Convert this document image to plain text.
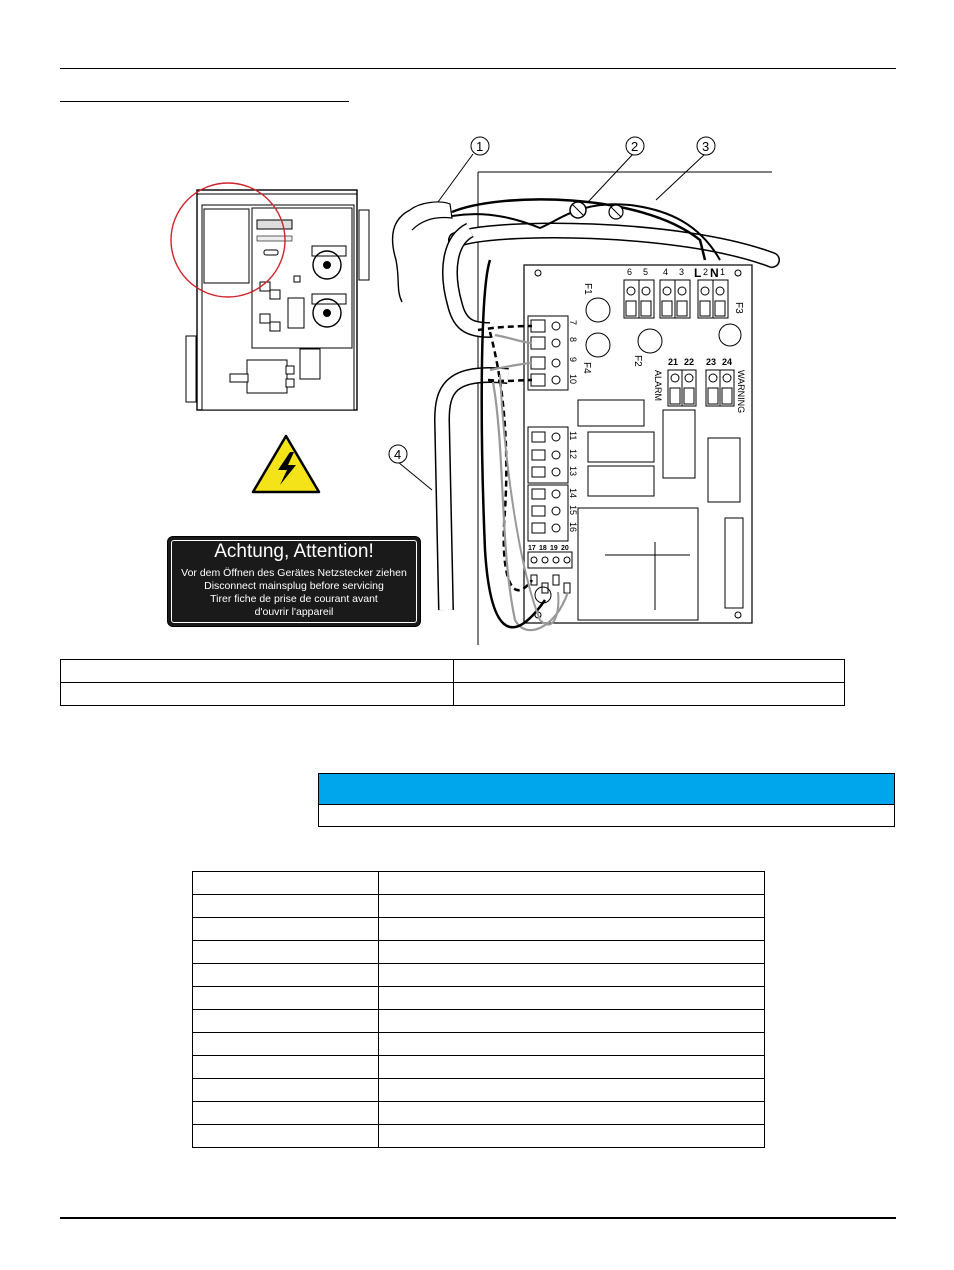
6 5 4 3 L 2 N 1
F1
F2
F3
F4
7
8
9
10
21 22 23 24
ALARM	WARNING
11
12
13
14
15
16
17 18 19 20
1	2	3
4
Achtung, Attention!
Vor dem Öffnen des Gerätes Netzstecker ziehen
Disconnect mainsplug before servicing
Tirer fiche de prise de courant avant
d'ouvrir l'appareil
